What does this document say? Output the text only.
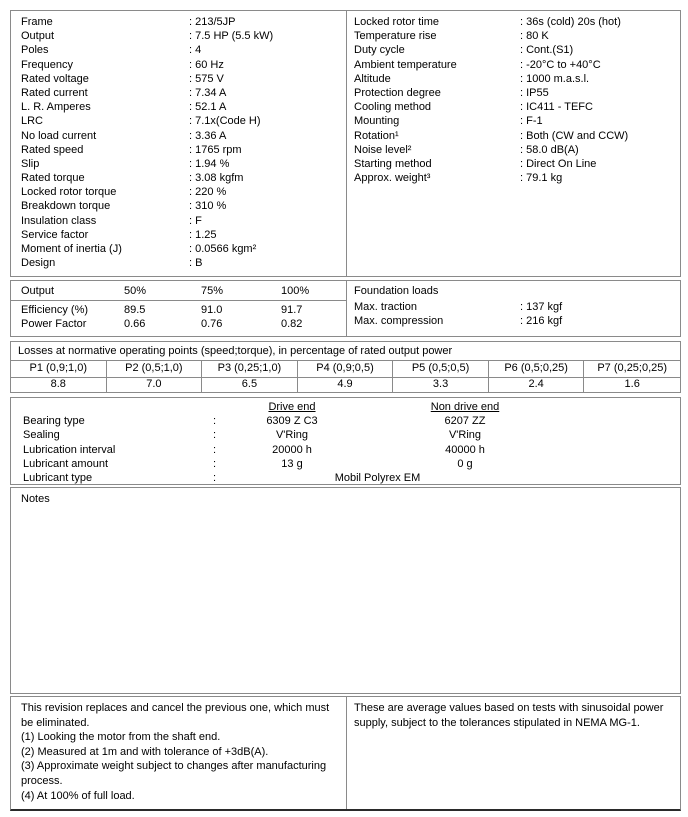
Frame	: 213/5JP
Output	: 7.5 HP (5.5 kW)
Poles	: 4
Frequency	: 60 Hz
Rated voltage	: 575 V
Rated current	: 7.34 A
L. R. Amperes	: 52.1 A
LRC	: 7.1x(Code H)
No load current	: 3.36 A
Rated speed	: 1765 rpm
Slip	: 1.94 %
Rated torque	: 3.08 kgfm
Locked rotor torque	: 220 %
Breakdown torque	: 310 %
Insulation class	: F
Service factor	: 1.25
Moment of inertia (J)	: 0.0566 kgm²
Design	: B
Locked rotor time	: 36s (cold) 20s (hot)
Temperature rise	: 80 K
Duty cycle	: Cont.(S1)
Ambient temperature	: -20°C to +40°C
Altitude	: 1000 m.a.s.l.
Protection degree	: IP55
Cooling method	: IC411 - TEFC
Mounting	: F-1
Rotation¹	: Both (CW and CCW)
Noise level²	: 58.0 dB(A)
Starting method	: Direct On Line
Approx. weight³	: 79.1 kg
Output	50%	75%	100%
Efficiency (%)	89.5	91.0	91.7
Power Factor	0.66	0.76	0.82
Foundation loads
Max. traction	: 137 kgf
Max. compression	: 216 kgf
Losses at normative operating points (speed;torque), in percentage of rated output power
P1 (0,9;1,0)	P2 (0,5;1,0)	P3 (0,25;1,0)	P4 (0,9;0,5)	P5 (0,5;0,5)	P6 (0,5;0,25)	P7 (0,25;0,25)
8.8	7.0	6.5	4.9	3.3	2.4	1.6
Drive end	Non drive end
Bearing type	:	6309 Z C3	6207 ZZ
Sealing	:	V'Ring	V'Ring
Lubrication interval	:	20000 h	40000 h
Lubricant amount	:	13 g	0 g
Lubricant type	:	Mobil Polyrex EM
Notes
This revision replaces and cancel the previous one, which must be eliminated.
(1) Looking the motor from the shaft end.
(2) Measured at 1m and with tolerance of +3dB(A).
(3) Approximate weight subject to changes after manufacturing process.
(4) At 100% of full load.
These are average values based on tests with sinusoidal power supply, subject to the tolerances stipulated in NEMA MG-1.
